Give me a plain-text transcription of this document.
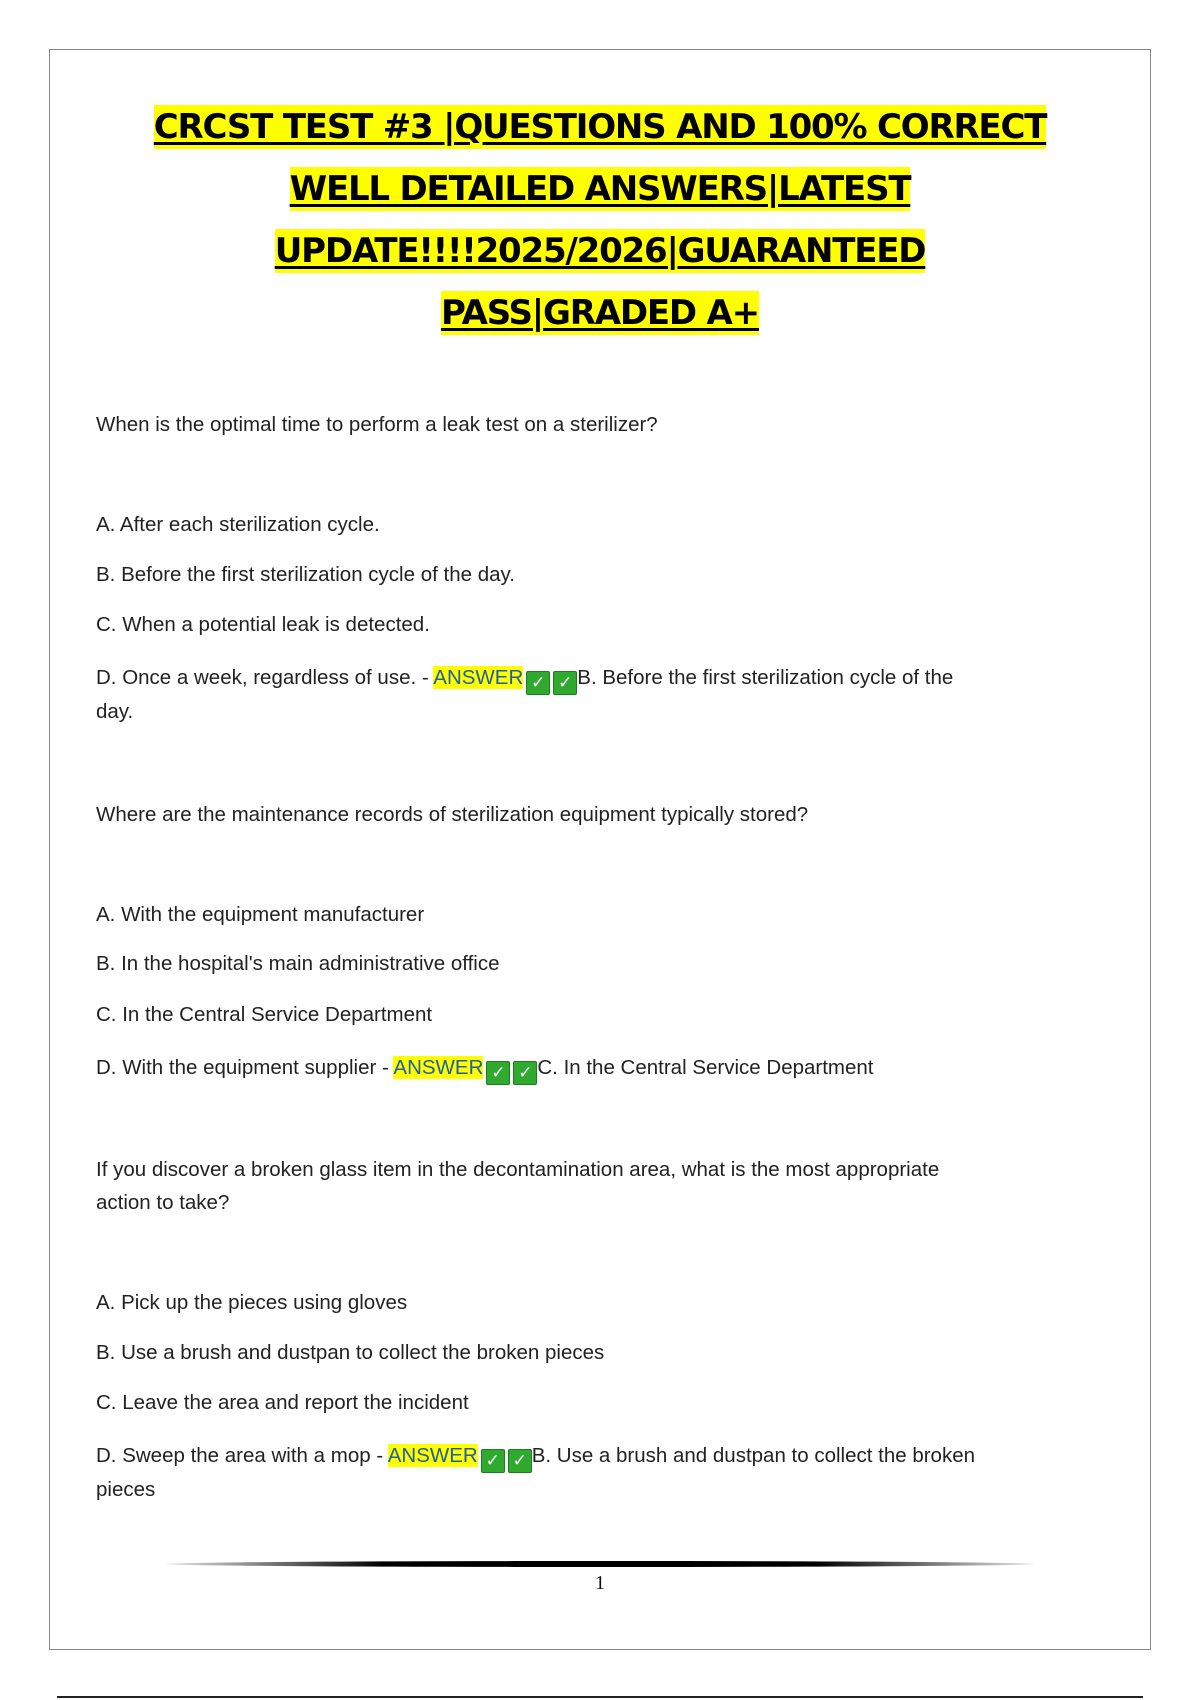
CRCST TEST #3 |QUESTIONS AND 100% CORRECT
WELL DETAILED ANSWERS|LATEST
UPDATE!!!!2025/2026|GUARANTEED
PASS|GRADED A+
When is the optimal time to perform a leak test on a sterilizer?
A. After each sterilization cycle.
B. Before the first sterilization cycle of the day.
C. When a potential leak is detected.
D. Once a week, regardless of use. - ANSWER ✓ ✓ B. Before the first sterilization cycle of the day.
Where are the maintenance records of sterilization equipment typically stored?
A. With the equipment manufacturer
B. In the hospital's main administrative office
C. In the Central Service Department
D. With the equipment supplier - ANSWER ✓ ✓ C. In the Central Service Department
If you discover a broken glass item in the decontamination area, what is the most appropriate action to take?
A. Pick up the pieces using gloves
B. Use a brush and dustpan to collect the broken pieces
C. Leave the area and report the incident
D. Sweep the area with a mop - ANSWER ✓ ✓ B. Use a brush and dustpan to collect the broken pieces
1
